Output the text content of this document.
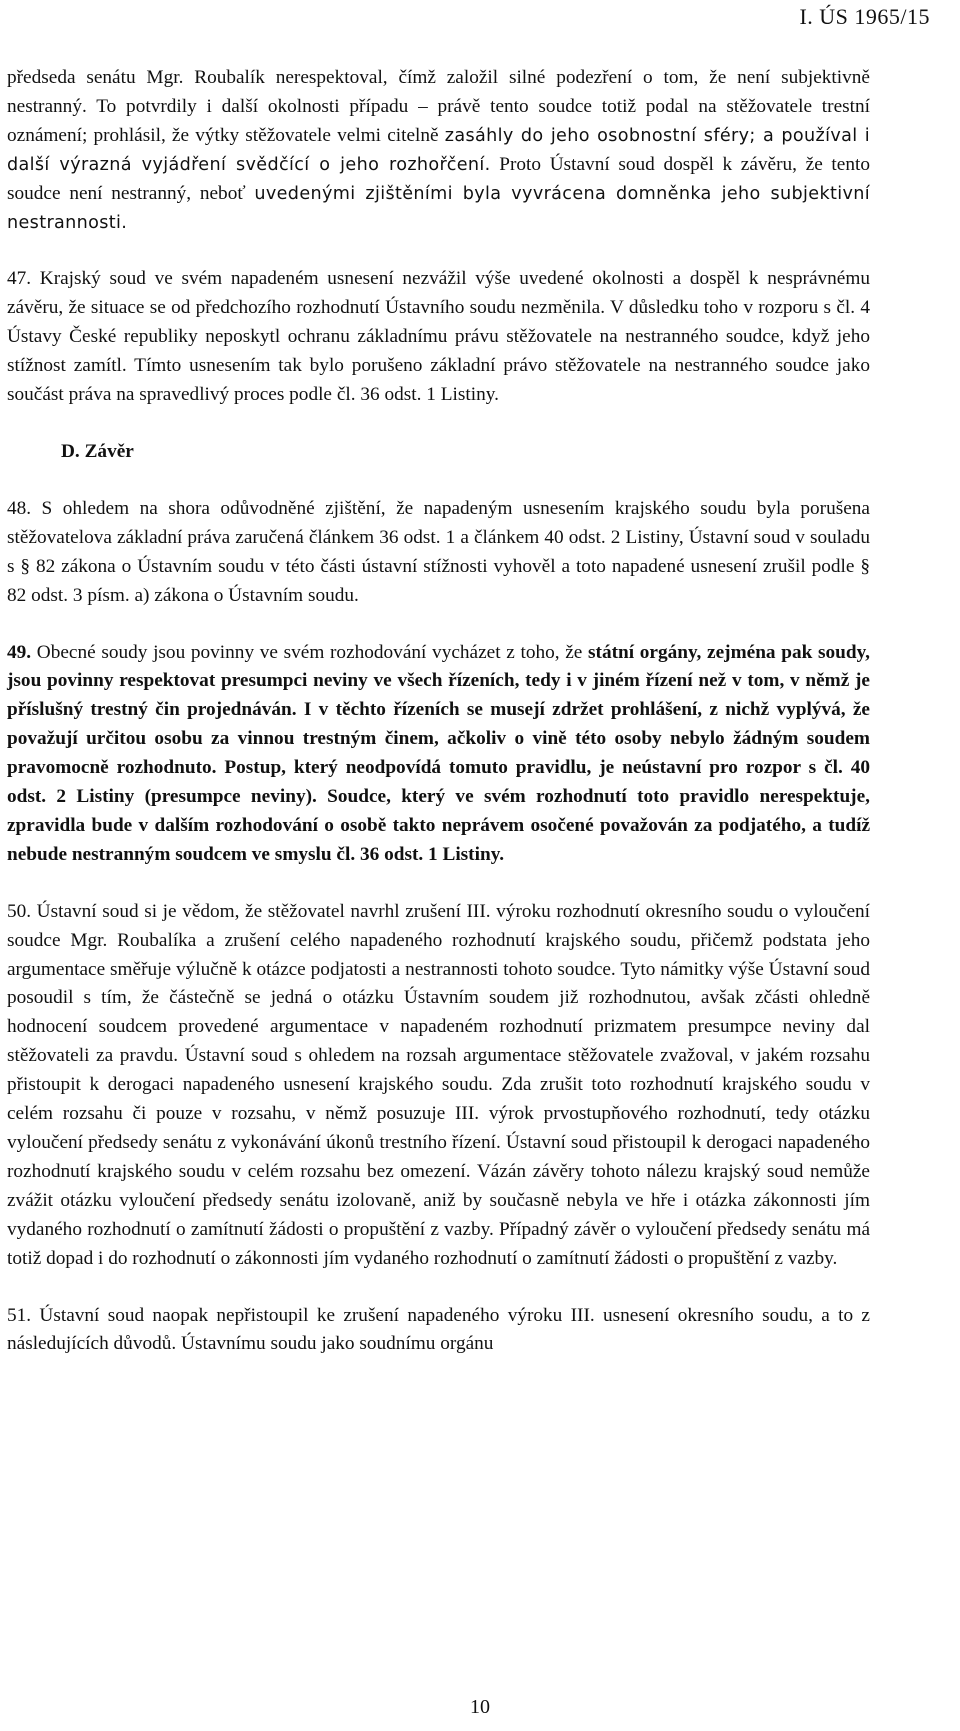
I. ÚS 1965/15

předseda senátu Mgr. Roubalík nerespektoval, čímž založil silné podezření o tom, že není subjektivně nestranný. To potvrdily i další okolnosti případu – právě tento soudce totiž podal na stěžovatele trestní oznámení; prohlásil, že výtky stěžovatele velmi citelně zasáhly do jeho osobnostní sféry; a používal i další výrazná vyjádření svědčící o jeho rozhořčení. Proto Ústavní soud dospěl k závěru, že tento soudce není nestranný, neboť uvedenými zjištěními byla vyvrácena domněnka jeho subjektivní nestrannosti.

47. Krajský soud ve svém napadeném usnesení nezvážil výše uvedené okolnosti a dospěl k nesprávnému závěru, že situace se od předchozího rozhodnutí Ústavního soudu nezměnila. V důsledku toho v rozporu s čl. 4 Ústavy České republiky neposkytl ochranu základnímu právu stěžovatele na nestranného soudce, když jeho stížnost zamítl. Tímto usnesením tak bylo porušeno základní právo stěžovatele na nestranného soudce jako součást práva na spravedlivý proces podle čl. 36 odst. 1 Listiny.

D. Závěr

48. S ohledem na shora odůvodněné zjištění, že napadeným usnesením krajského soudu byla porušena stěžovatelova základní práva zaručená článkem 36 odst. 1 a článkem 40 odst. 2 Listiny, Ústavní soud v souladu s § 82 zákona o Ústavním soudu v této části ústavní stížnosti vyhověl a toto napadené usnesení zrušil podle § 82 odst. 3 písm. a) zákona o Ústavním soudu.

49. Obecné soudy jsou povinny ve svém rozhodování vycházet z toho, že státní orgány, zejména pak soudy, jsou povinny respektovat presumpci neviny ve všech řízeních, tedy i v jiném řízení než v tom, v němž je příslušný trestný čin projednáván. I v těchto řízeních se musejí zdržet prohlášení, z nichž vyplývá, že považují určitou osobu za vinnou trestným činem, ačkoliv o vině této osoby nebylo žádným soudem pravomocně rozhodnuto. Postup, který neodpovídá tomuto pravidlu, je neústavní pro rozpor s čl. 40 odst. 2 Listiny (presumpce neviny). Soudce, který ve svém rozhodnutí toto pravidlo nerespektuje, zpravidla bude v dalším rozhodování o osobě takto neprávem osočené považován za podjatého, a tudíž nebude nestranným soudcem ve smyslu čl. 36 odst. 1 Listiny.

50. Ústavní soud si je vědom, že stěžovatel navrhl zrušení III. výroku rozhodnutí okresního soudu o vyloučení soudce Mgr. Roubalíka a zrušení celého napadeného rozhodnutí krajského soudu, přičemž podstata jeho argumentace směřuje výlučně k otázce podjatosti a nestrannosti tohoto soudce. Tyto námitky výše Ústavní soud posoudil s tím, že částečně se jedná o otázku Ústavním soudem již rozhodnutou, avšak zčásti ohledně hodnocení soudcem provedené argumentace v napadeném rozhodnutí prizmatem presumpce neviny dal stěžovateli za pravdu. Ústavní soud s ohledem na rozsah argumentace stěžovatele zvažoval, v jakém rozsahu přistoupit k derogaci napadeného usnesení krajského soudu. Zda zrušit toto rozhodnutí krajského soudu v celém rozsahu či pouze v rozsahu, v němž posuzuje III. výrok prvostupňového rozhodnutí, tedy otázku vyloučení předsedy senátu z vykonávání úkonů trestního řízení. Ústavní soud přistoupil k derogaci napadeného rozhodnutí krajského soudu v celém rozsahu bez omezení. Vázán závěry tohoto nálezu krajský soud nemůže zvážit otázku vyloučení předsedy senátu izolovaně, aniž by současně nebyla ve hře i otázka zákonnosti jím vydaného rozhodnutí o zamítnutí žádosti o propuštění z vazby. Případný závěr o vyloučení předsedy senátu má totiž dopad i do rozhodnutí o zákonnosti jím vydaného rozhodnutí o zamítnutí žádosti o propuštění z vazby.

51. Ústavní soud naopak nepřistoupil ke zrušení napadeného výroku III. usnesení okresního soudu, a to z následujících důvodů. Ústavnímu soudu jako soudnímu orgánu

10
